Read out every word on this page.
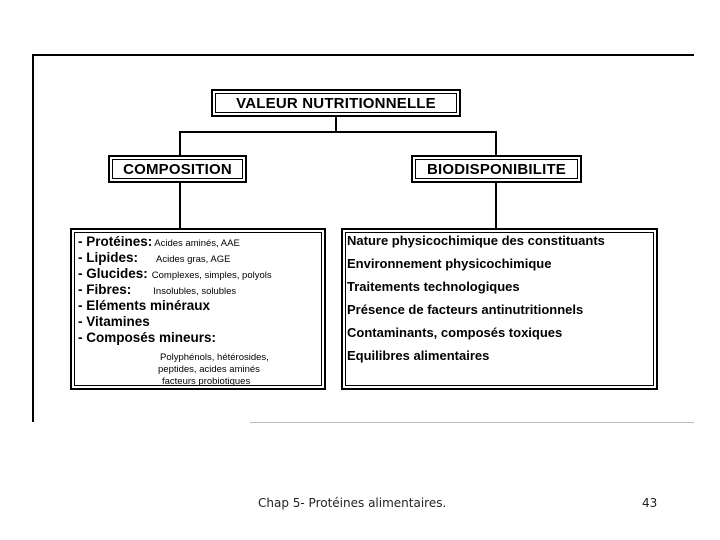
VALEUR NUTRITIONNELLE
COMPOSITION	BIODISPONIBILITE
- Protéines: Acides aminés, AAE
- Lipides: Acides gras, AGE
- Glucides: Complexes, simples, polyols
- Fibres: Insolubles, solubles
- Eléments minéraux
- Vitamines
- Composés mineurs:
Polyphénols, hétérosides,
peptides, acides aminés
facteurs probiotiques
Nature physicochimique des constituants
Environnement physicochimique
Traitements technologiques
Présence de facteurs antinutritionnels
Contaminants, composés toxiques
Equilibres alimentaires
Chap 5- Protéines alimentaires.	43
